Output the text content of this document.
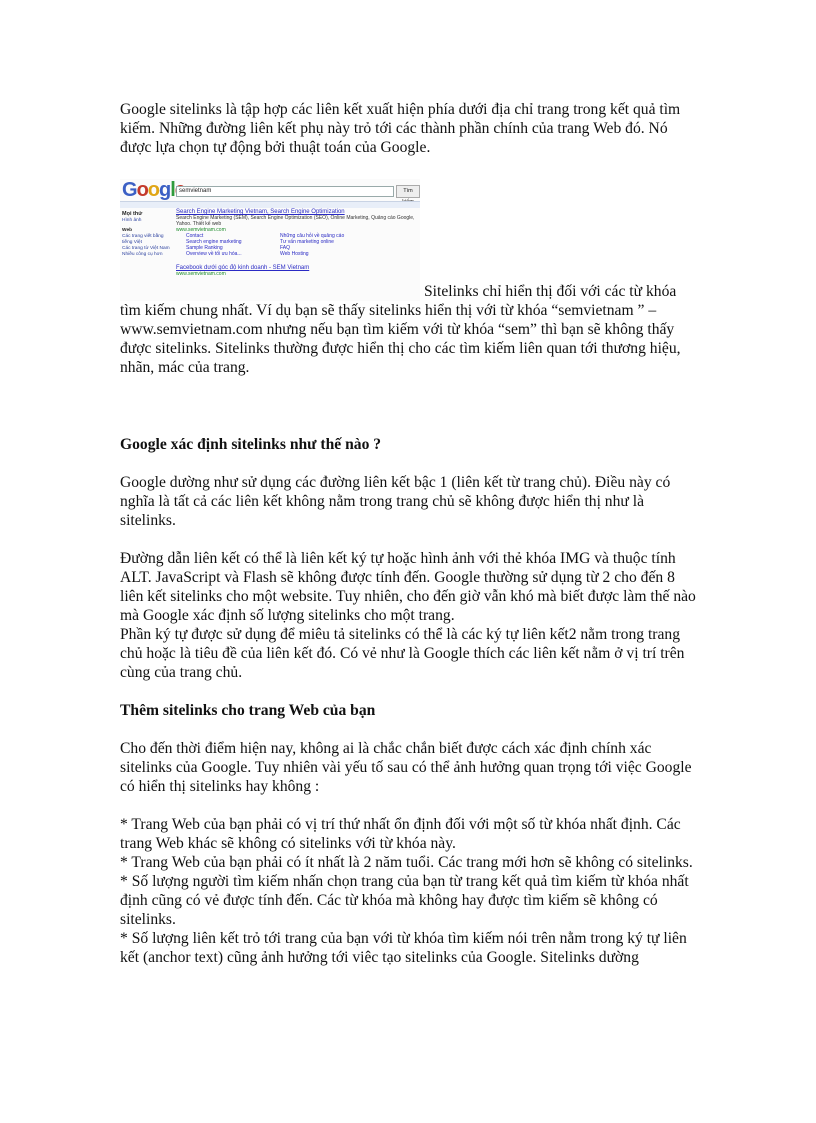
Google sitelinks là tập hợp các liên kết xuất hiện phía dưới địa chỉ trang trong kết quả tìm kiếm. Những đường liên kết phụ này trỏ tới các thành phần chính của trang Web đó. Nó được lựa chọn tự động bởi thuật toán của Google.

Googl semvietnam	Tìm
Mọi thứ
Hình ảnh
Web
Các trang viết bằng tiếng Việt
Các trang từ Việt Nam
Nhiều công cụ hơn
Search Engine Marketing Vietnam, Search Engine Optimization
Search Engine Marketing (SEM), Search Engine Optimization (SEO), Online Marketing, Quảng cáo Google, Yahoo. Thiết kế web
www.semvietnam.com
Contact
Search engine marketing
Sample Ranking
Overview về tối ưu hóa...
Những câu hỏi về quảng cáo
Tư vấn marketing online
FAQ
Web Hosting
Facebook dưới góc độ kinh doanh - SEM Vietnam
www.semvietnam.com
Sitelinks chỉ hiển thị đối với các từ khóa

tìm kiếm chung nhất. Ví dụ bạn sẽ thấy sitelinks hiển thị với từ khóa “semvietnam ” – www.semvietnam.com nhưng nếu bạn tìm kiếm với từ khóa “sem” thì bạn sẽ không thấy được sitelinks. Sitelinks thường được hiển thị cho các tìm kiếm liên quan tới thương hiệu, nhãn, mác của trang.

Google xác định sitelinks như thế nào ?

Google dường như sử dụng các đường liên kết bậc 1 (liên kết từ trang chủ). Điều này có nghĩa là tất cả các liên kết không nằm trong trang chủ sẽ không được hiển thị như là sitelinks.

Đường dẫn liên kết có thể là liên kết ký tự hoặc hình ảnh với thẻ khóa IMG và thuộc tính ALT. JavaScript và Flash sẽ không được tính đến. Google thường sử dụng từ 2 cho đến 8 liên kết sitelinks cho một website. Tuy nhiên, cho đến giờ vẫn khó mà biết được làm thế nào mà Google xác định số lượng sitelinks cho một trang.

Phần ký tự được sử dụng để miêu tả sitelinks có thể là các ký tự liên kết2 nằm trong trang chủ hoặc là tiêu đề của liên kết đó. Có vẻ như là Google thích các liên kết nằm ở vị trí trên cùng của trang chủ.

Thêm sitelinks cho trang Web của bạn

Cho đến thời điểm hiện nay, không ai là chắc chắn biết được cách xác định chính xác sitelinks của Google. Tuy nhiên vài yếu tố sau có thể ảnh hưởng quan trọng tới việc Google có hiển thị sitelinks hay không :

* Trang Web của bạn phải có vị trí thứ nhất ổn định đối với một số từ khóa nhất định. Các trang Web khác sẽ không có sitelinks với từ khóa này.

* Trang Web của bạn phải có ít nhất là 2 năm tuổi. Các trang mới hơn sẽ không có sitelinks.

* Số lượng người tìm kiếm nhấn chọn trang của bạn từ trang kết quả tìm kiếm từ khóa nhất định cũng có vẻ được tính đến. Các từ khóa mà không hay được tìm kiếm sẽ không có sitelinks.

* Số lượng liên kết trỏ tới trang của bạn với từ khóa tìm kiếm nói trên nằm trong ký tự liên kết (anchor text) cũng ảnh hưởng tới viêc tạo sitelinks của Google. Sitelinks dường
